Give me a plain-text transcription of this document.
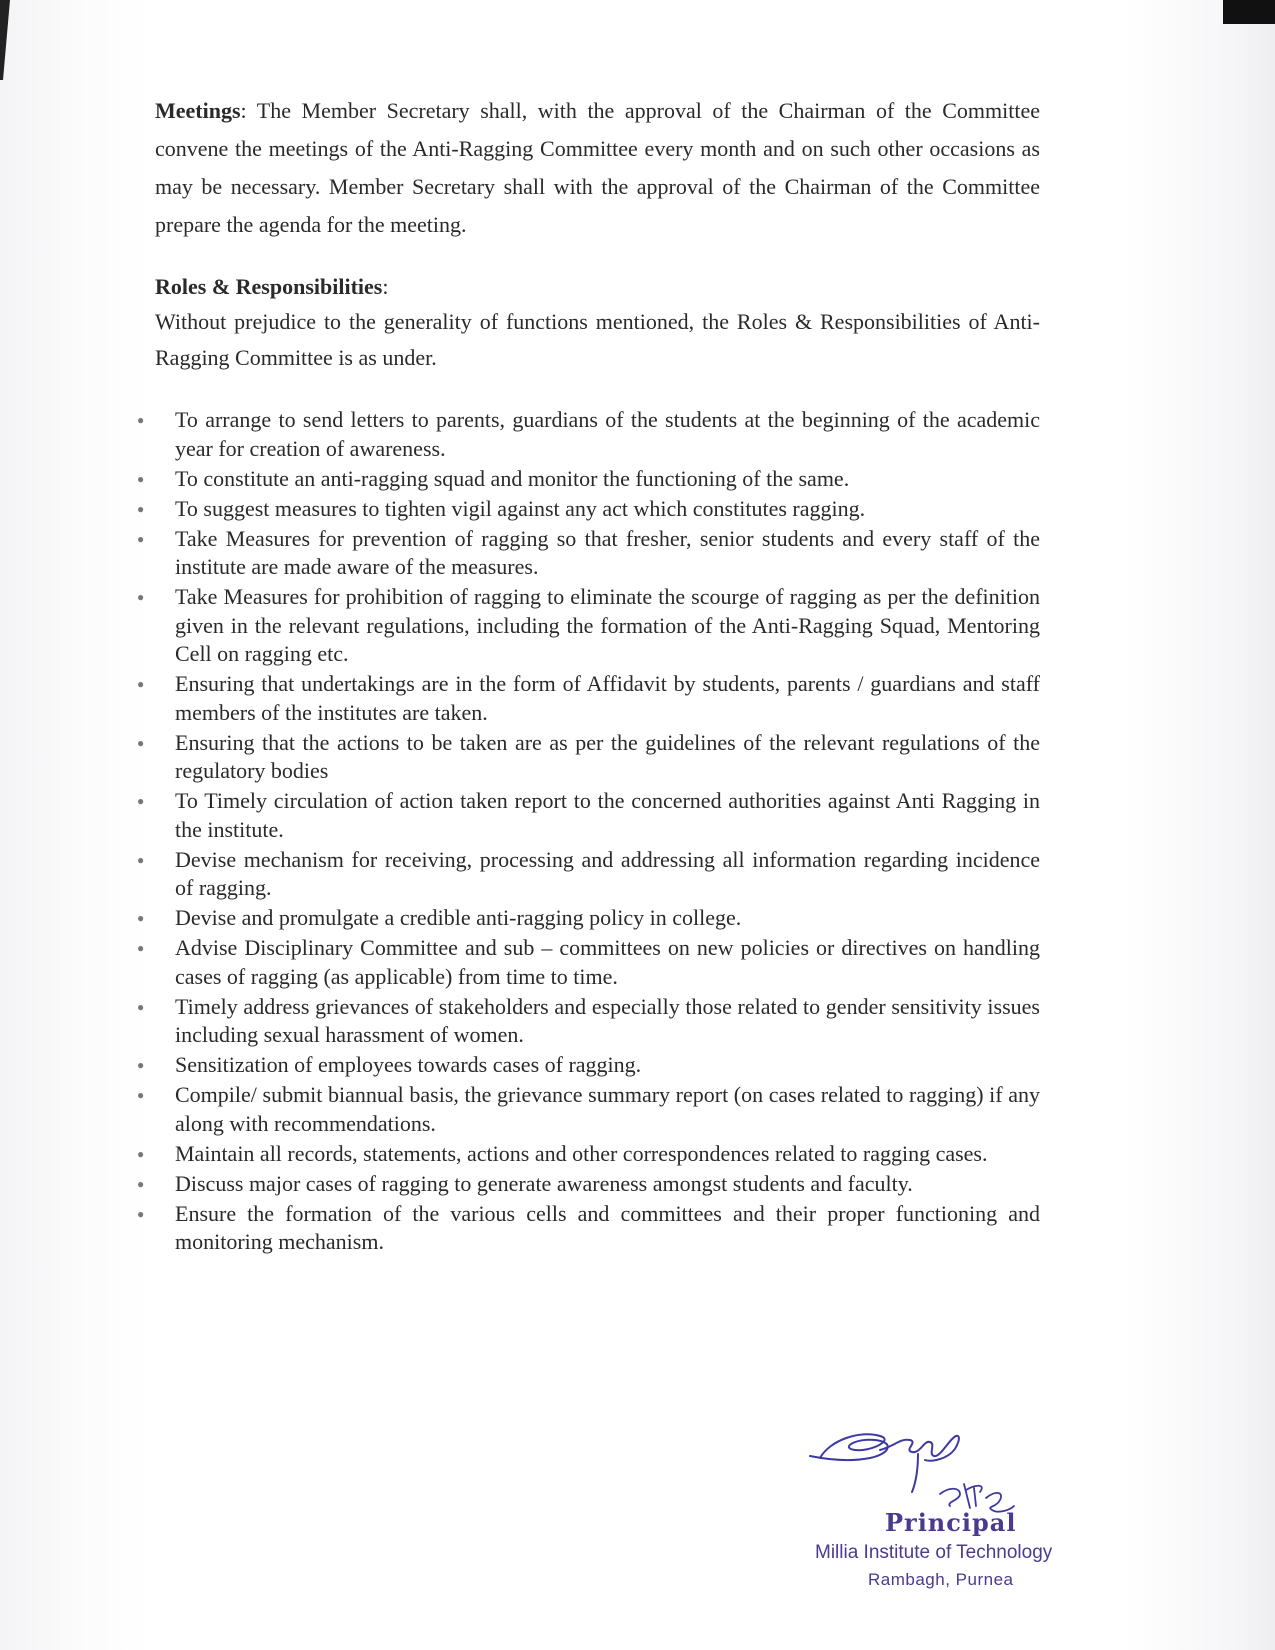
Meetings: The Member Secretary shall, with the approval of the Chairman of the Committee convene the meetings of the Anti-Ragging Committee every month and on such other occasions as may be necessary. Member Secretary shall with the approval of the Chairman of the Committee prepare the agenda for the meeting.

Roles & Responsibilities:

Without prejudice to the generality of functions mentioned, the Roles & Responsibilities of Anti-Ragging Committee is as under.

● To arrange to send letters to parents, guardians of the students at the beginning of the academic year for creation of awareness.
● To constitute an anti-ragging squad and monitor the functioning of the same.
● To suggest measures to tighten vigil against any act which constitutes ragging.
● Take Measures for prevention of ragging so that fresher, senior students and every staff of the institute are made aware of the measures.
● Take Measures for prohibition of ragging to eliminate the scourge of ragging as per the definition given in the relevant regulations, including the formation of the Anti-Ragging Squad, Mentoring Cell on ragging etc.
● Ensuring that undertakings are in the form of Affidavit by students, parents / guardians and staff members of the institutes are taken.
● Ensuring that the actions to be taken are as per the guidelines of the relevant regulations of the regulatory bodies
● To Timely circulation of action taken report to the concerned authorities against Anti Ragging in the institute.
● Devise mechanism for receiving, processing and addressing all information regarding incidence of ragging.
● Devise and promulgate a credible anti-ragging policy in college.
● Advise Disciplinary Committee and sub – committees on new policies or directives on handling cases of ragging (as applicable) from time to time.
● Timely address grievances of stakeholders and especially those related to gender sensitivity issues including sexual harassment of women.
● Sensitization of employees towards cases of ragging.
● Compile/ submit biannual basis, the grievance summary report (on cases related to ragging) if any along with recommendations.
● Maintain all records, statements, actions and other correspondences related to ragging cases.
● Discuss major cases of ragging to generate awareness amongst students and faculty.
● Ensure the formation of the various cells and committees and their proper functioning and monitoring mechanism.
Principal
Millia Institute of Technology
Rambagh, Purnea
